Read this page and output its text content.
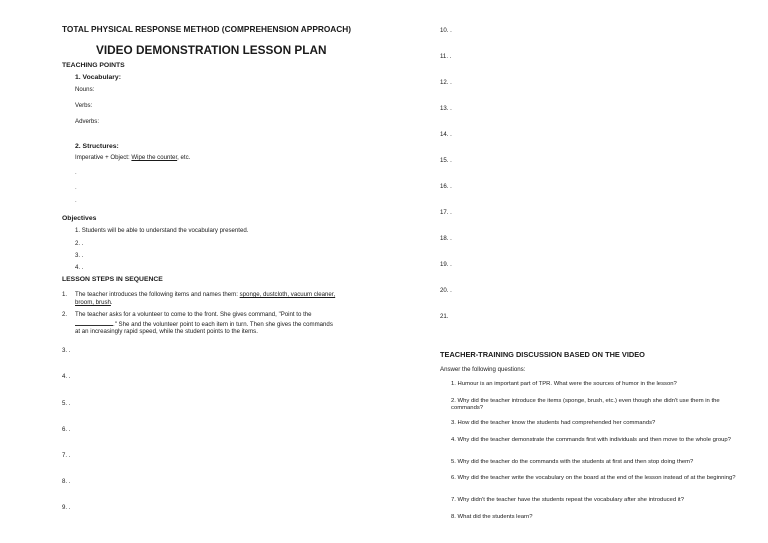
TOTAL PHYSICAL RESPONSE METHOD (COMPREHENSION APPROACH)
VIDEO DEMONSTRATION LESSON PLAN
TEACHING POINTS
1. Vocabulary:
Nouns:
Verbs:
Adverbs:
2. Structures:
Imperative + Object: Wipe the counter, etc.
.
.
.
Objectives
1. Students will be able to understand the vocabulary presented.
2. .
3. .
4. .
LESSON STEPS IN SEQUENCE
1. The teacher introduces the following items and names them: sponge, dustcloth, vacuum cleaner, broom, brush.
2. The teacher asks for a volunteer to come to the front. She gives command, "Point to the
." She and the volunteer point to each item in turn. Then she gives the commands at an increasingly rapid speed, while the student points to the items.
3. .
4. .
5. .
6. .
7. .
8. .
9. .
10. .
11. .
12. .
13. .
14. .
15. .
16. .
17. .
18. .
19. .
20. .
21.
TEACHER-TRAINING DISCUSSION BASED ON THE VIDEO
Answer the following questions:
1. Humour is an important part of TPR. What were the sources of humor in the lesson?
2. Why did the teacher introduce the items (sponge, brush, etc.) even though she didn't use them in the commands?
3. How did the teacher know the students had comprehended her commands?
4. Why did the teacher demonstrate the commands first with individuals and then move to the whole group?
5. Why did the teacher do the commands with the students at first and then stop doing them?
6. Why did the teacher write the vocabulary on the board at the end of the lesson instead of at the beginning?
7. Why didn't the teacher have the students repeat the vocabulary after she introduced it?
8. What did the students learn?
